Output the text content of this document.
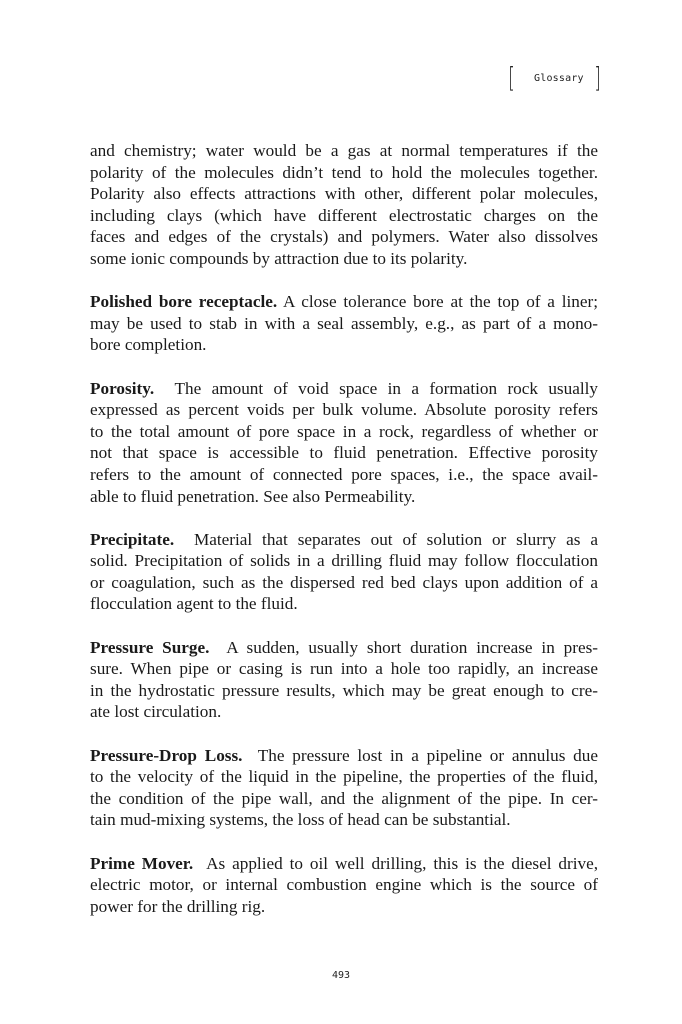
[ Glossary ]
and chemistry; water would be a gas at normal temperatures if the
polarity of the molecules didn’t tend to hold the molecules together.
Polarity also effects attractions with other, different polar molecules,
including clays (which have different electrostatic charges on the
faces and edges of the crystals) and polymers. Water also dissolves
some ionic compounds by attraction due to its polarity.
Polished bore receptacle. A close tolerance bore at the top of a liner;
may be used to stab in with a seal assembly, e.g., as part of a mono-
bore completion.
Porosity.  The amount of void space in a formation rock usually
expressed as percent voids per bulk volume. Absolute porosity refers
to the total amount of pore space in a rock, regardless of whether or
not that space is accessible to fluid penetration. Effective porosity
refers to the amount of connected pore spaces, i.e., the space avail-
able to fluid penetration. See also Permeability.
Precipitate.  Material that separates out of solution or slurry as a
solid. Precipitation of solids in a drilling fluid may follow flocculation
or coagulation, such as the dispersed red bed clays upon addition of a
flocculation agent to the fluid.
Pressure Surge.  A sudden, usually short duration increase in pres-
sure. When pipe or casing is run into a hole too rapidly, an increase
in the hydrostatic pressure results, which may be great enough to cre-
ate lost circulation.
Pressure-Drop Loss.  The pressure lost in a pipeline or annulus due
to the velocity of the liquid in the pipeline, the properties of the fluid,
the condition of the pipe wall, and the alignment of the pipe. In cer-
tain mud-mixing systems, the loss of head can be substantial.
Prime Mover.  As applied to oil well drilling, this is the diesel drive,
electric motor, or internal combustion engine which is the source of
power for the drilling rig.
493
